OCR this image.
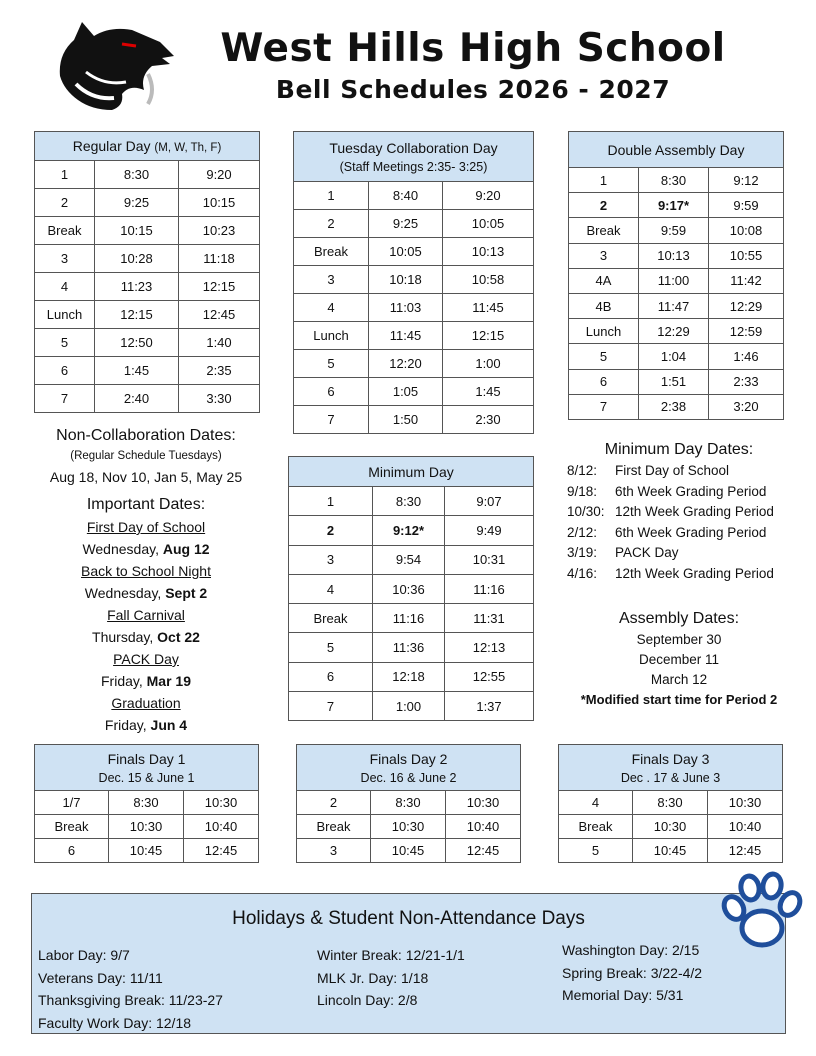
West Hills High School
Bell Schedules 2026 - 2027
Regular Day (M, W, Th, F)		
1	8:30	9:20
2	9:25	10:15
Break	10:15	10:23
3	10:28	11:18
4	11:23	12:15
Lunch	12:15	12:45
5	12:50	1:40
6	1:45	2:35
7	2:40	3:30
Tuesday Collaboration Day
(Staff Meetings 2:35- 3:25)		

1	8:40	9:20
2	9:25	10:05
Break	10:05	10:13
3	10:18	10:58
4	11:03	11:45
Lunch	11:45	12:15
5	12:20	1:00
6	1:05	1:45
7	1:50	2:30
Double Assembly Day		
1	8:30	9:12
2	9:17*	9:59
Break	9:59	10:08
3	10:13	10:55
4A	11:00	11:42
4B	11:47	12:29
Lunch	12:29	12:59
5	1:04	1:46
6	1:51	2:33
7	2:38	3:20
Minimum Day		
1	8:30	9:07
2	9:12*	9:49
3	9:54	10:31
4	10:36	11:16
Break	11:16	11:31
5	11:36	12:13
6	12:18	12:55
7	1:00	1:37
Non-Collaboration Dates:
(Regular Schedule Tuesdays)
Aug 18, Nov 10, Jan 5, May 25
Important Dates:
First Day of School
Wednesday, Aug 12
Back to School Night
Wednesday, Sept 2
Fall Carnival
Thursday, Oct 22
PACK Day
Friday, Mar 19
Graduation
Friday, Jun 4
Minimum Day Dates:
8/12:	First Day of School
9/18:	6th Week Grading Period
10/30: 12th Week Grading Period
2/12:	6th Week Grading Period
3/19:	PACK Day
4/16:	12th Week Grading Period
Assembly Dates:
September 30
December 11
March 12
*Modified start time for Period 2
Finals Day 1
Dec. 15 & June 1		

1/7	8:30	10:30
Break	10:30	10:40
6	10:45	12:45
Finals Day 2
Dec. 16 & June 2		

2	8:30	10:30
Break	10:30	10:40
3	10:45	12:45
Finals Day 3
Dec . 17 & June 3		

4	8:30	10:30
Break	10:30	10:40
5	10:45	12:45
Holidays & Student Non-Attendance Days
Labor Day: 9/7
Veterans Day: 11/11
Thanksgiving Break: 11/23-27
Faculty Work Day: 12/18
Winter Break: 12/21-1/1
MLK Jr. Day: 1/18
Lincoln Day: 2/8
Washington Day: 2/15
Spring Break: 3/22-4/2
Memorial Day: 5/31
